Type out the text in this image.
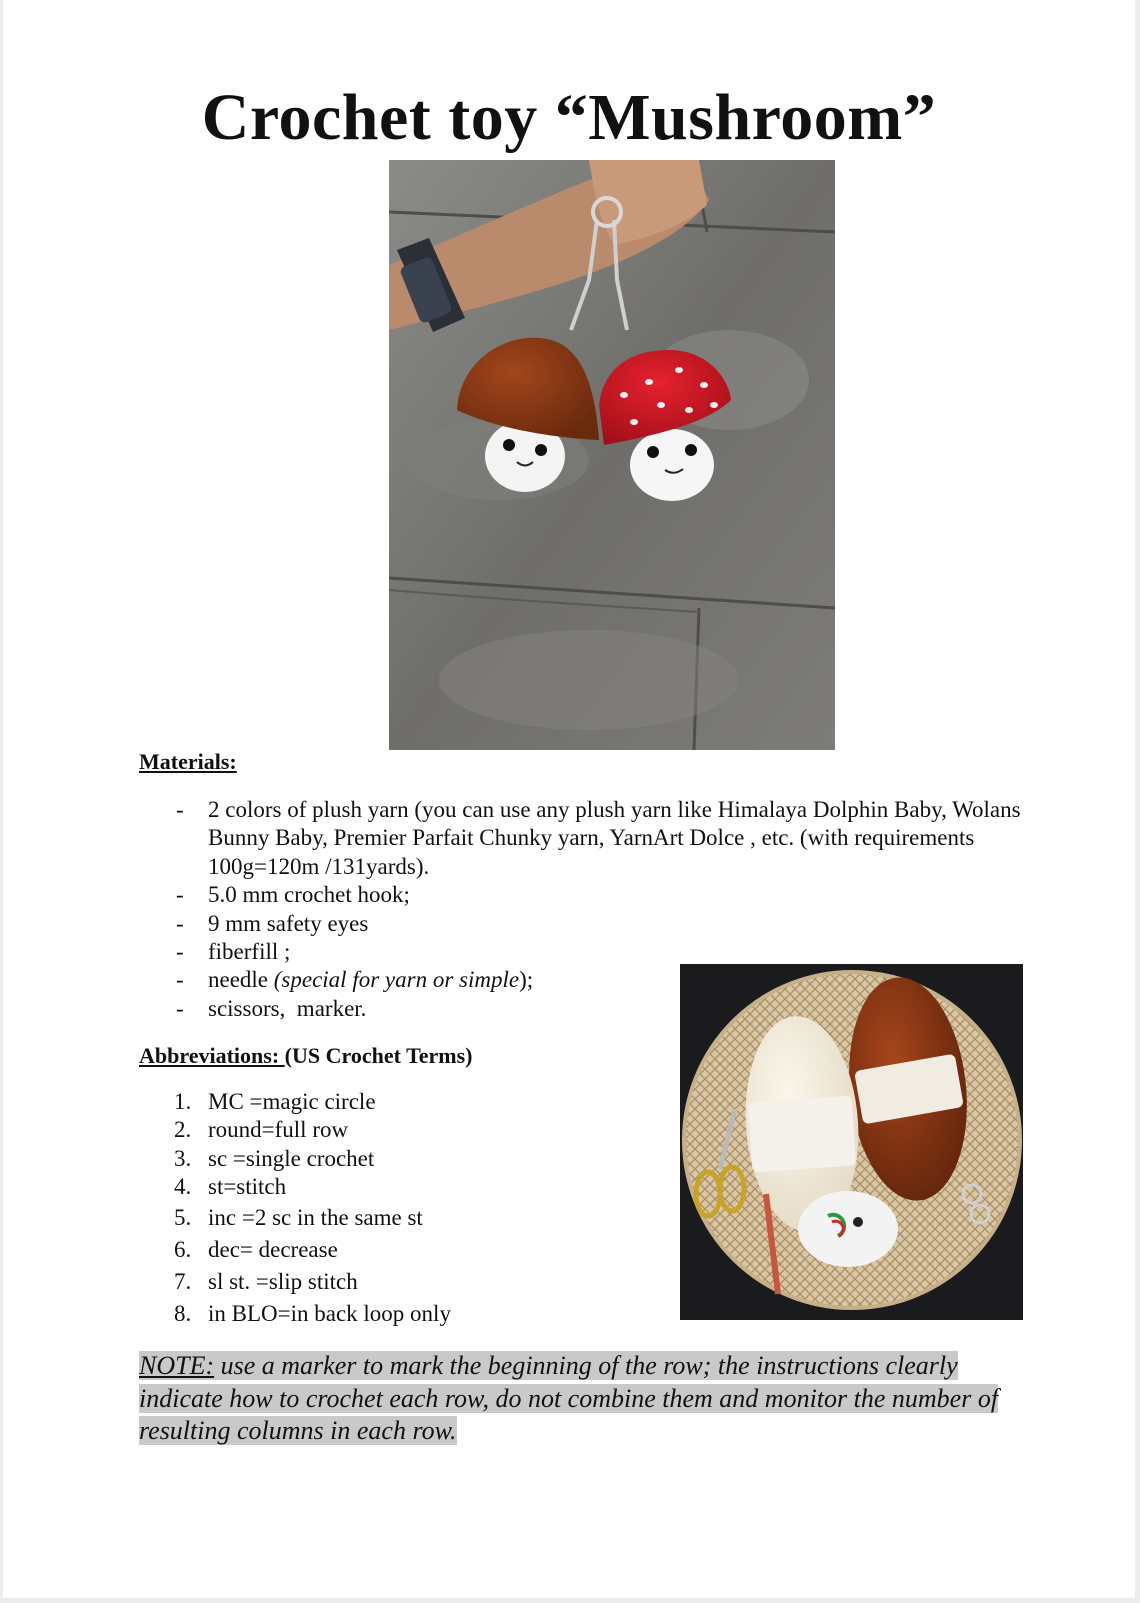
Crochet toy “Mushroom”
Materials:
- 2 colors of plush yarn (you can use any plush yarn like Himalaya Dolphin Baby, Wolans Bunny Baby, Premier Parfait Chunky yarn, YarnArt Dolce , etc. (with requirements 100g=120m /131yards).
- 5.0 mm crochet hook;
- 9 mm safety eyes
- fiberfill ;
- needle (special for yarn or simple);
- scissors,  marker.
Abbreviations: (US Crochet Terms)
1. MC =magic circle
2. round=full row
3. sc =single crochet
4. st=stitch
5. inc =2 sc in the same st
6. dec= decrease
7. sl st. =slip stitch
8. in BLO=in back loop only
NOTE: use a marker to mark the beginning of the row; the instructions clearly indicate how to crochet each row, do not combine them and monitor the number of resulting columns in each row.
